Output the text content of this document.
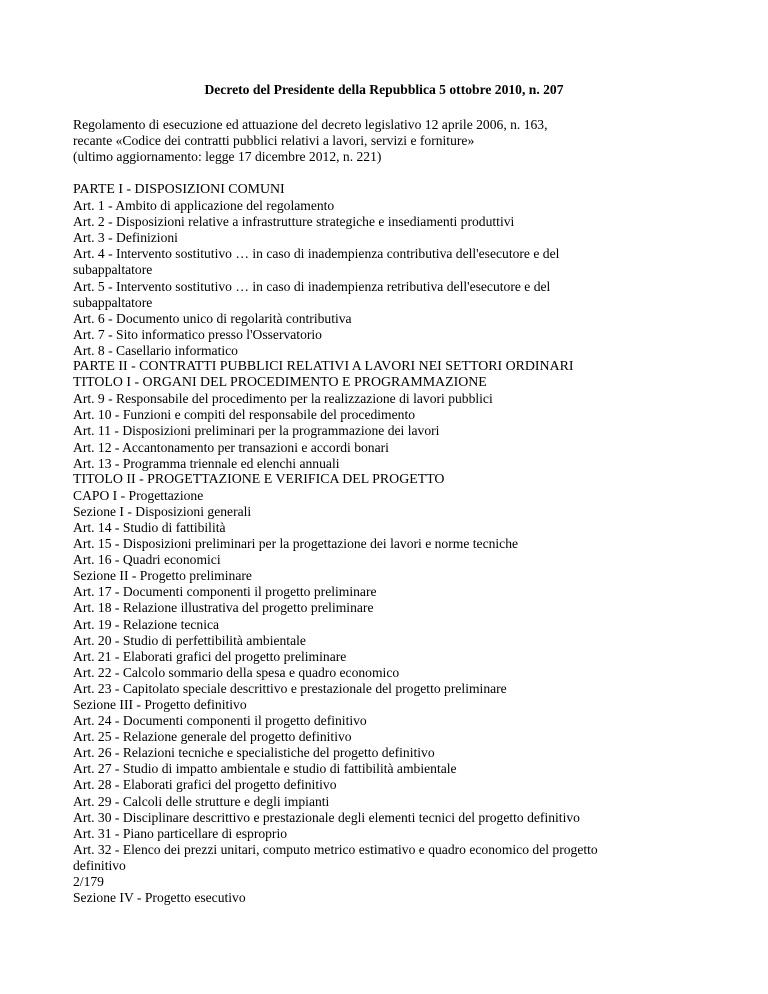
Decreto del Presidente della Repubblica 5 ottobre 2010, n. 207
Regolamento di esecuzione ed attuazione del decreto legislativo 12 aprile 2006, n. 163,
recante «Codice dei contratti pubblici relativi a lavori, servizi e forniture»
(ultimo aggiornamento: legge 17 dicembre 2012, n. 221)
PARTE I - DISPOSIZIONI COMUNI
Art. 1 - Ambito di applicazione del regolamento
Art. 2 - Disposizioni relative a infrastrutture strategiche e insediamenti produttivi
Art. 3 - Definizioni
Art. 4 - Intervento sostitutivo … in caso di inadempienza contributiva dell'esecutore e del
subappaltatore
Art. 5 - Intervento sostitutivo … in caso di inadempienza retributiva dell'esecutore e del
subappaltatore
Art. 6 - Documento unico di regolarità contributiva
Art. 7 - Sito informatico presso l'Osservatorio
Art. 8 - Casellario informatico
PARTE II - CONTRATTI PUBBLICI RELATIVI A LAVORI NEI SETTORI ORDINARI
TITOLO I - ORGANI DEL PROCEDIMENTO E PROGRAMMAZIONE
Art. 9 - Responsabile del procedimento per la realizzazione di lavori pubblici
Art. 10 - Funzioni e compiti del responsabile del procedimento
Art. 11 - Disposizioni preliminari per la programmazione dei lavori
Art. 12 - Accantonamento per transazioni e accordi bonari
Art. 13 - Programma triennale ed elenchi annuali
TITOLO II - PROGETTAZIONE E VERIFICA DEL PROGETTO
CAPO I - Progettazione
Sezione I - Disposizioni generali
Art. 14 - Studio di fattibilità
Art. 15 - Disposizioni preliminari per la progettazione dei lavori e norme tecniche
Art. 16 - Quadri economici
Sezione II - Progetto preliminare
Art. 17 - Documenti componenti il progetto preliminare
Art. 18 - Relazione illustrativa del progetto preliminare
Art. 19 - Relazione tecnica
Art. 20 - Studio di perfettibilità ambientale
Art. 21 - Elaborati grafici del progetto preliminare
Art. 22 - Calcolo sommario della spesa e quadro economico
Art. 23 - Capitolato speciale descrittivo e prestazionale del progetto preliminare
Sezione III - Progetto definitivo
Art. 24 - Documenti componenti il progetto definitivo
Art. 25 - Relazione generale del progetto definitivo
Art. 26 - Relazioni tecniche e specialistiche del progetto definitivo
Art. 27 - Studio di impatto ambientale e studio di fattibilità ambientale
Art. 28 - Elaborati grafici del progetto definitivo
Art. 29 - Calcoli delle strutture e degli impianti
Art. 30 - Disciplinare descrittivo e prestazionale degli elementi tecnici del progetto definitivo
Art. 31 - Piano particellare di esproprio
Art. 32 - Elenco dei prezzi unitari, computo metrico estimativo e quadro economico del progetto
definitivo
2/179
Sezione IV - Progetto esecutivo
